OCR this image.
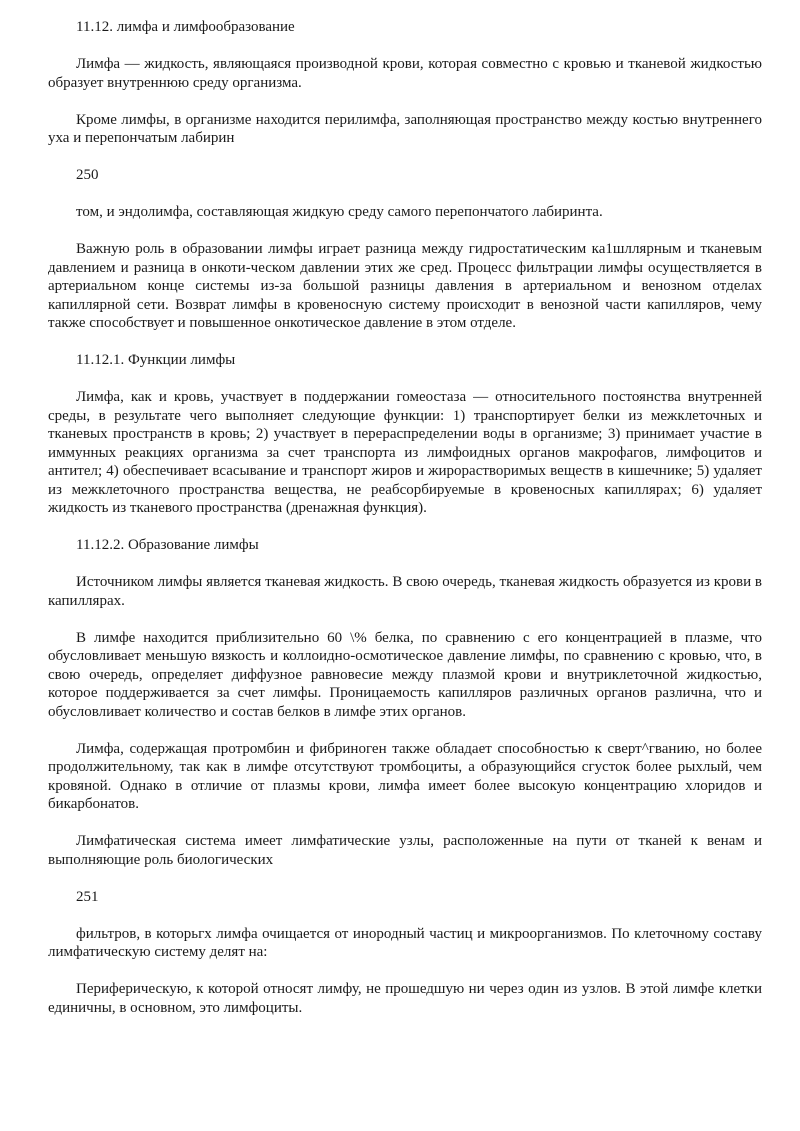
11.12. лимфа и лимфообразование

Лимфа — жидкость, являющаяся производной крови, которая совместно с кровью и тканевой жидкостью образует внутреннюю среду организма.

Кроме лимфы, в организме находится перилимфа, заполняющая пространство между костью внутреннего уха и перепончатым лабирин

250

том, и эндолимфа, составляющая жидкую среду самого перепончатого лабиринта.

Важную роль в образовании лимфы играет разница между гидростатическим ка1шллярным и тканевым давлением и разница в онкоти-ческом давлении этих же сред. Процесс фильтрации лимфы осуществляется в артериальном конце системы из-за большой разницы давления в артериальном и венозном отделах капиллярной сети. Возврат лимфы в кровеносную систему происходит в венозной части капилляров, чему также способствует и повышенное онкотическое давление в этом отделе.

11.12.1. Функции лимфы

Лимфа, как и кровь, участвует в поддержании гомеостаза — относительного постоянства внутренней среды, в результате чего выполняет следующие функции: 1) транспортирует белки из межклеточных и тканевых пространств в кровь; 2) участвует в перераспределении воды в организме; 3) принимает участие в иммунных реакциях организма за счет транспорта из лимфоидных органов макрофагов, лимфоцитов и антител; 4) обеспечивает всасывание и транспорт жиров и жирорастворимых веществ в кишечнике; 5) удаляет из межклеточного пространства вещества, не реабсорбируемые в кровеносных капиллярах; 6) удаляет жидкость из тканевого пространства (дренажная функция).

11.12.2. Образование лимфы

Источником лимфы является тканевая жидкость. В свою очередь, тканевая жидкость образуется из крови в капиллярах.

В лимфе находится приблизительно 60 \% белка, по сравнению с его концентрацией в плазме, что обусловливает меньшую вязкость и коллоидно-осмотическое давление лимфы, по сравнению с кровью, что, в свою очередь, определяет диффузное равновесие между плазмой крови и внутриклеточной жидкостью, которое поддерживается за счет лимфы. Проницаемость капилляров различных органов различна, что и обусловливает количество и состав белков в лимфе этих органов.

Лимфа, содержащая протромбин и фибриноген также обладает способностью к сверт^гванию, но более продолжительному, так как в лимфе отсутствуют тромбоциты, а образующийся сгусток более рыхлый, чем кровяной. Однако в отличие от плазмы крови, лимфа имеет более высокую концентрацию хлоридов и бикарбонатов.

Лимфатическая система имеет лимфатические узлы, расположенные на пути от тканей к венам и выполняющие роль биологических

251

фильтров, в которьгх лимфа очищается от инородный частиц и микроорганизмов. По клеточному составу лимфатическую систему делят на:

Периферическую, к которой относят лимфу, не прошедшую ни через один из узлов. В этой лимфе клетки единичны, в основном, это лимфоциты.
